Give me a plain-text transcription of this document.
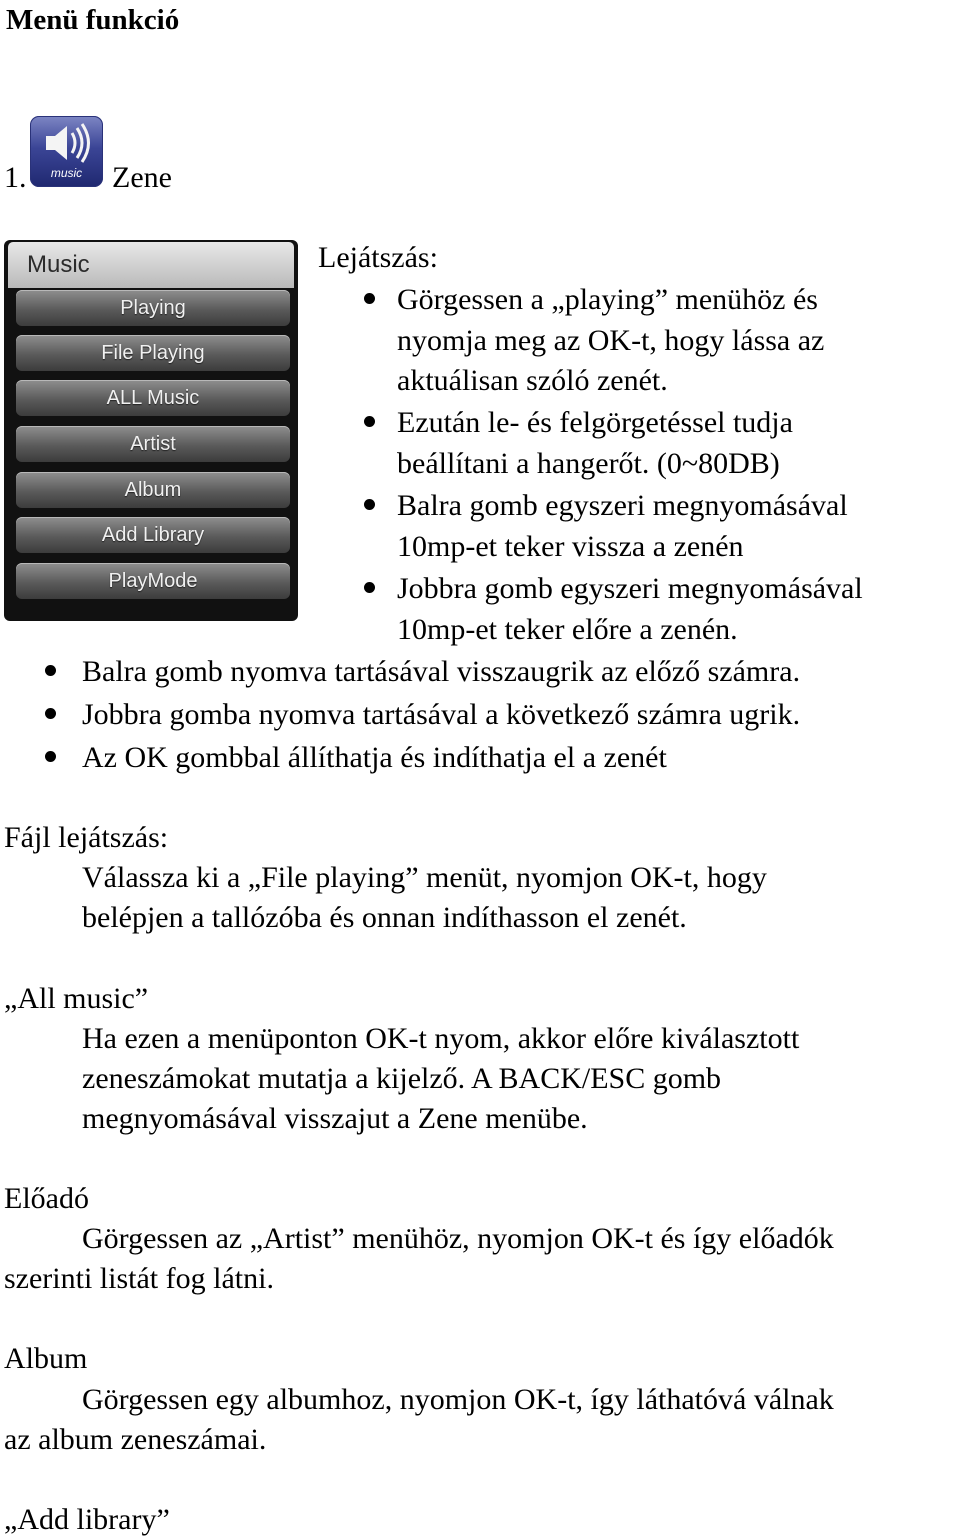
Menü funkció
1.	music Zene
Music
Playing
File Playing
ALL Music
Artist
Album
Add Library
PlayMode
Lejátszás:
Görgessen a „playing” menühöz és
nyomja meg az OK-t, hogy lássa az
aktuálisan szóló zenét.
Ezután le- és felgörgetéssel tudja
beállítani a hangerőt. (0~80DB)
Balra gomb egyszeri megnyomásával
10mp-et teker vissza a zenén
Jobbra gomb egyszeri megnyomásával
10mp-et teker előre a zenén.
Balra gomb nyomva tartásával visszaugrik az előző számra.
Jobbra gomba nyomva tartásával a következő számra ugrik.
Az OK gombbal állíthatja és indíthatja el a zenét
Fájl lejátszás:
Válassza ki a „File playing” menüt, nyomjon OK-t, hogy
belépjen a tallózóba és onnan indíthasson el zenét.
„All music”
Ha ezen a menüponton OK-t nyom, akkor előre kiválasztott
zeneszámokat mutatja a kijelző. A BACK/ESC gomb
megnyomásával visszajut a Zene menübe.
Előadó
Görgessen az „Artist” menühöz, nyomjon OK-t és így előadók
szerinti listát fog látni.
Album
Görgessen egy albumhoz, nyomjon OK-t, így láthatóvá válnak
az album zeneszámai.
„Add library”
